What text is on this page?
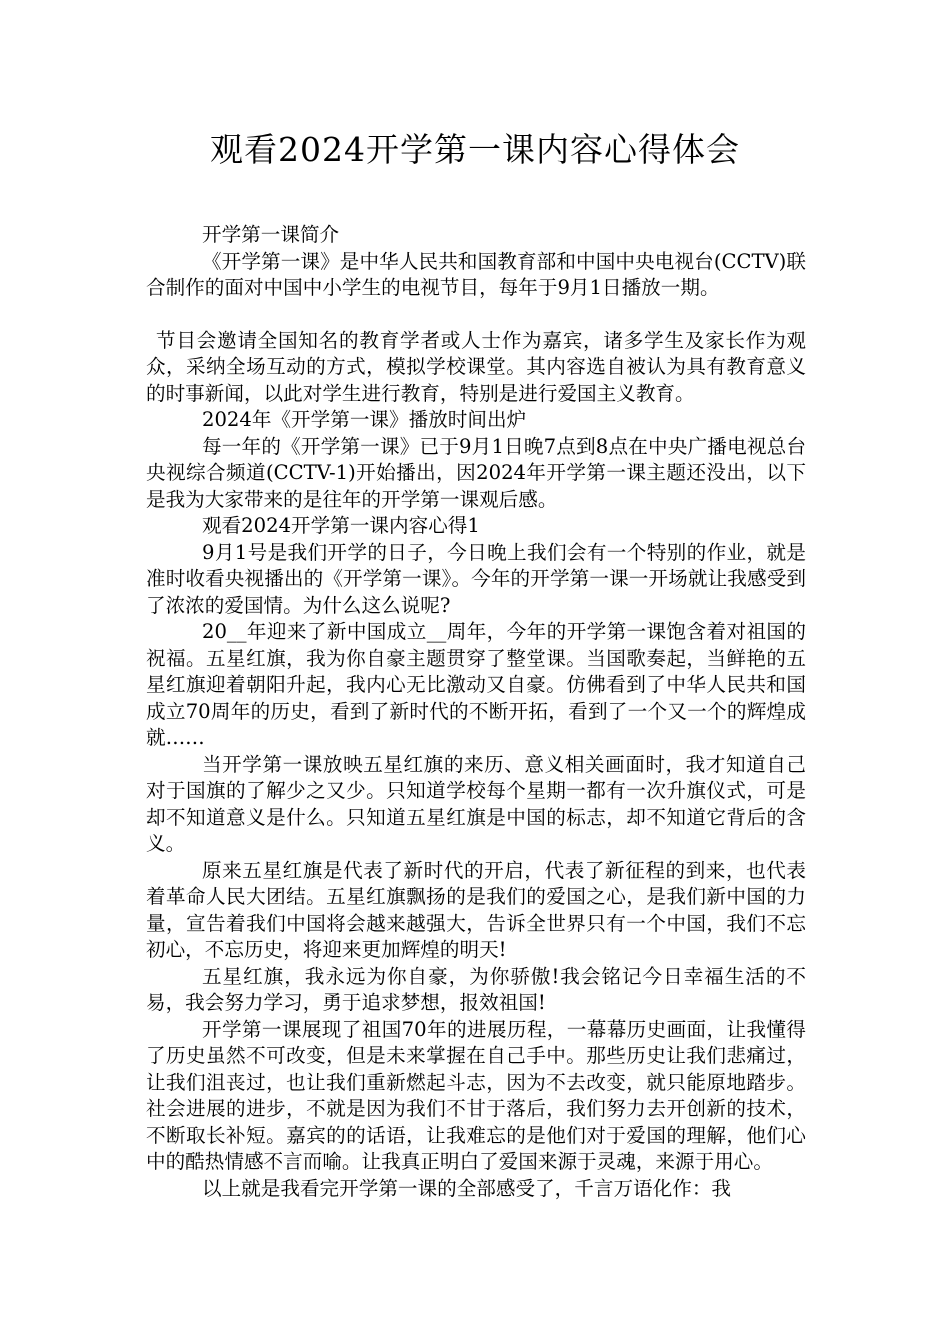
观看2024开学第一课内容心得体会

开学第一课简介

《开学第一课》是中华人民共和国教育部和中国中央电视台(CCTV)联合制作的面对中国中小学生的电视节目，每年于9月1日播放一期。

节目会邀请全国知名的教育学者或人士作为嘉宾，诸多学生及家长作为观众，采纳全场互动的方式，模拟学校课堂。其内容选自被认为具有教育意义的时事新闻，以此对学生进行教育，特别是进行爱国主义教育。

2024年《开学第一课》播放时间出炉

每一年的《开学第一课》已于9月1日晚7点到8点在中央广播电视总台央视综合频道(CCTV-1)开始播出，因2024年开学第一课主题还没出，以下是我为大家带来的是往年的开学第一课观后感。

观看2024开学第一课内容心得1

9月1号是我们开学的日子，今日晚上我们会有一个特别的作业，就是准时收看央视播出的《开学第一课》。今年的开学第一课一开场就让我感受到了浓浓的爱国情。为什么这么说呢?

20__年迎来了新中国成立__周年，今年的开学第一课饱含着对祖国的祝福。五星红旗，我为你自豪主题贯穿了整堂课。当国歌奏起，当鲜艳的五星红旗迎着朝阳升起，我内心无比激动又自豪。仿佛看到了中华人民共和国成立70周年的历史，看到了新时代的不断开拓，看到了一个又一个的辉煌成就……

当开学第一课放映五星红旗的来历、意义相关画面时，我才知道自己对于国旗的了解少之又少。只知道学校每个星期一都有一次升旗仪式，可是却不知道意义是什么。只知道五星红旗是中国的标志，却不知道它背后的含义。

原来五星红旗是代表了新时代的开启，代表了新征程的到来，也代表着革命人民大团结。五星红旗飘扬的是我们的爱国之心，是我们新中国的力量，宣告着我们中国将会越来越强大，告诉全世界只有一个中国，我们不忘初心，不忘历史，将迎来更加辉煌的明天!

五星红旗，我永远为你自豪，为你骄傲!我会铭记今日幸福生活的不易，我会努力学习，勇于追求梦想，报效祖国!

开学第一课展现了祖国70年的进展历程，一幕幕历史画面，让我懂得了历史虽然不可改变，但是未来掌握在自己手中。那些历史让我们悲痛过，让我们沮丧过，也让我们重新燃起斗志，因为不去改变，就只能原地踏步。社会进展的进步，不就是因为我们不甘于落后，我们努力去开创新的技术，不断取长补短。嘉宾的的话语，让我难忘的是他们对于爱国的理解，他们心中的酷热情感不言而喻。让我真正明白了爱国来源于灵魂，来源于用心。

以上就是我看完开学第一课的全部感受了，千言万语化作：我
